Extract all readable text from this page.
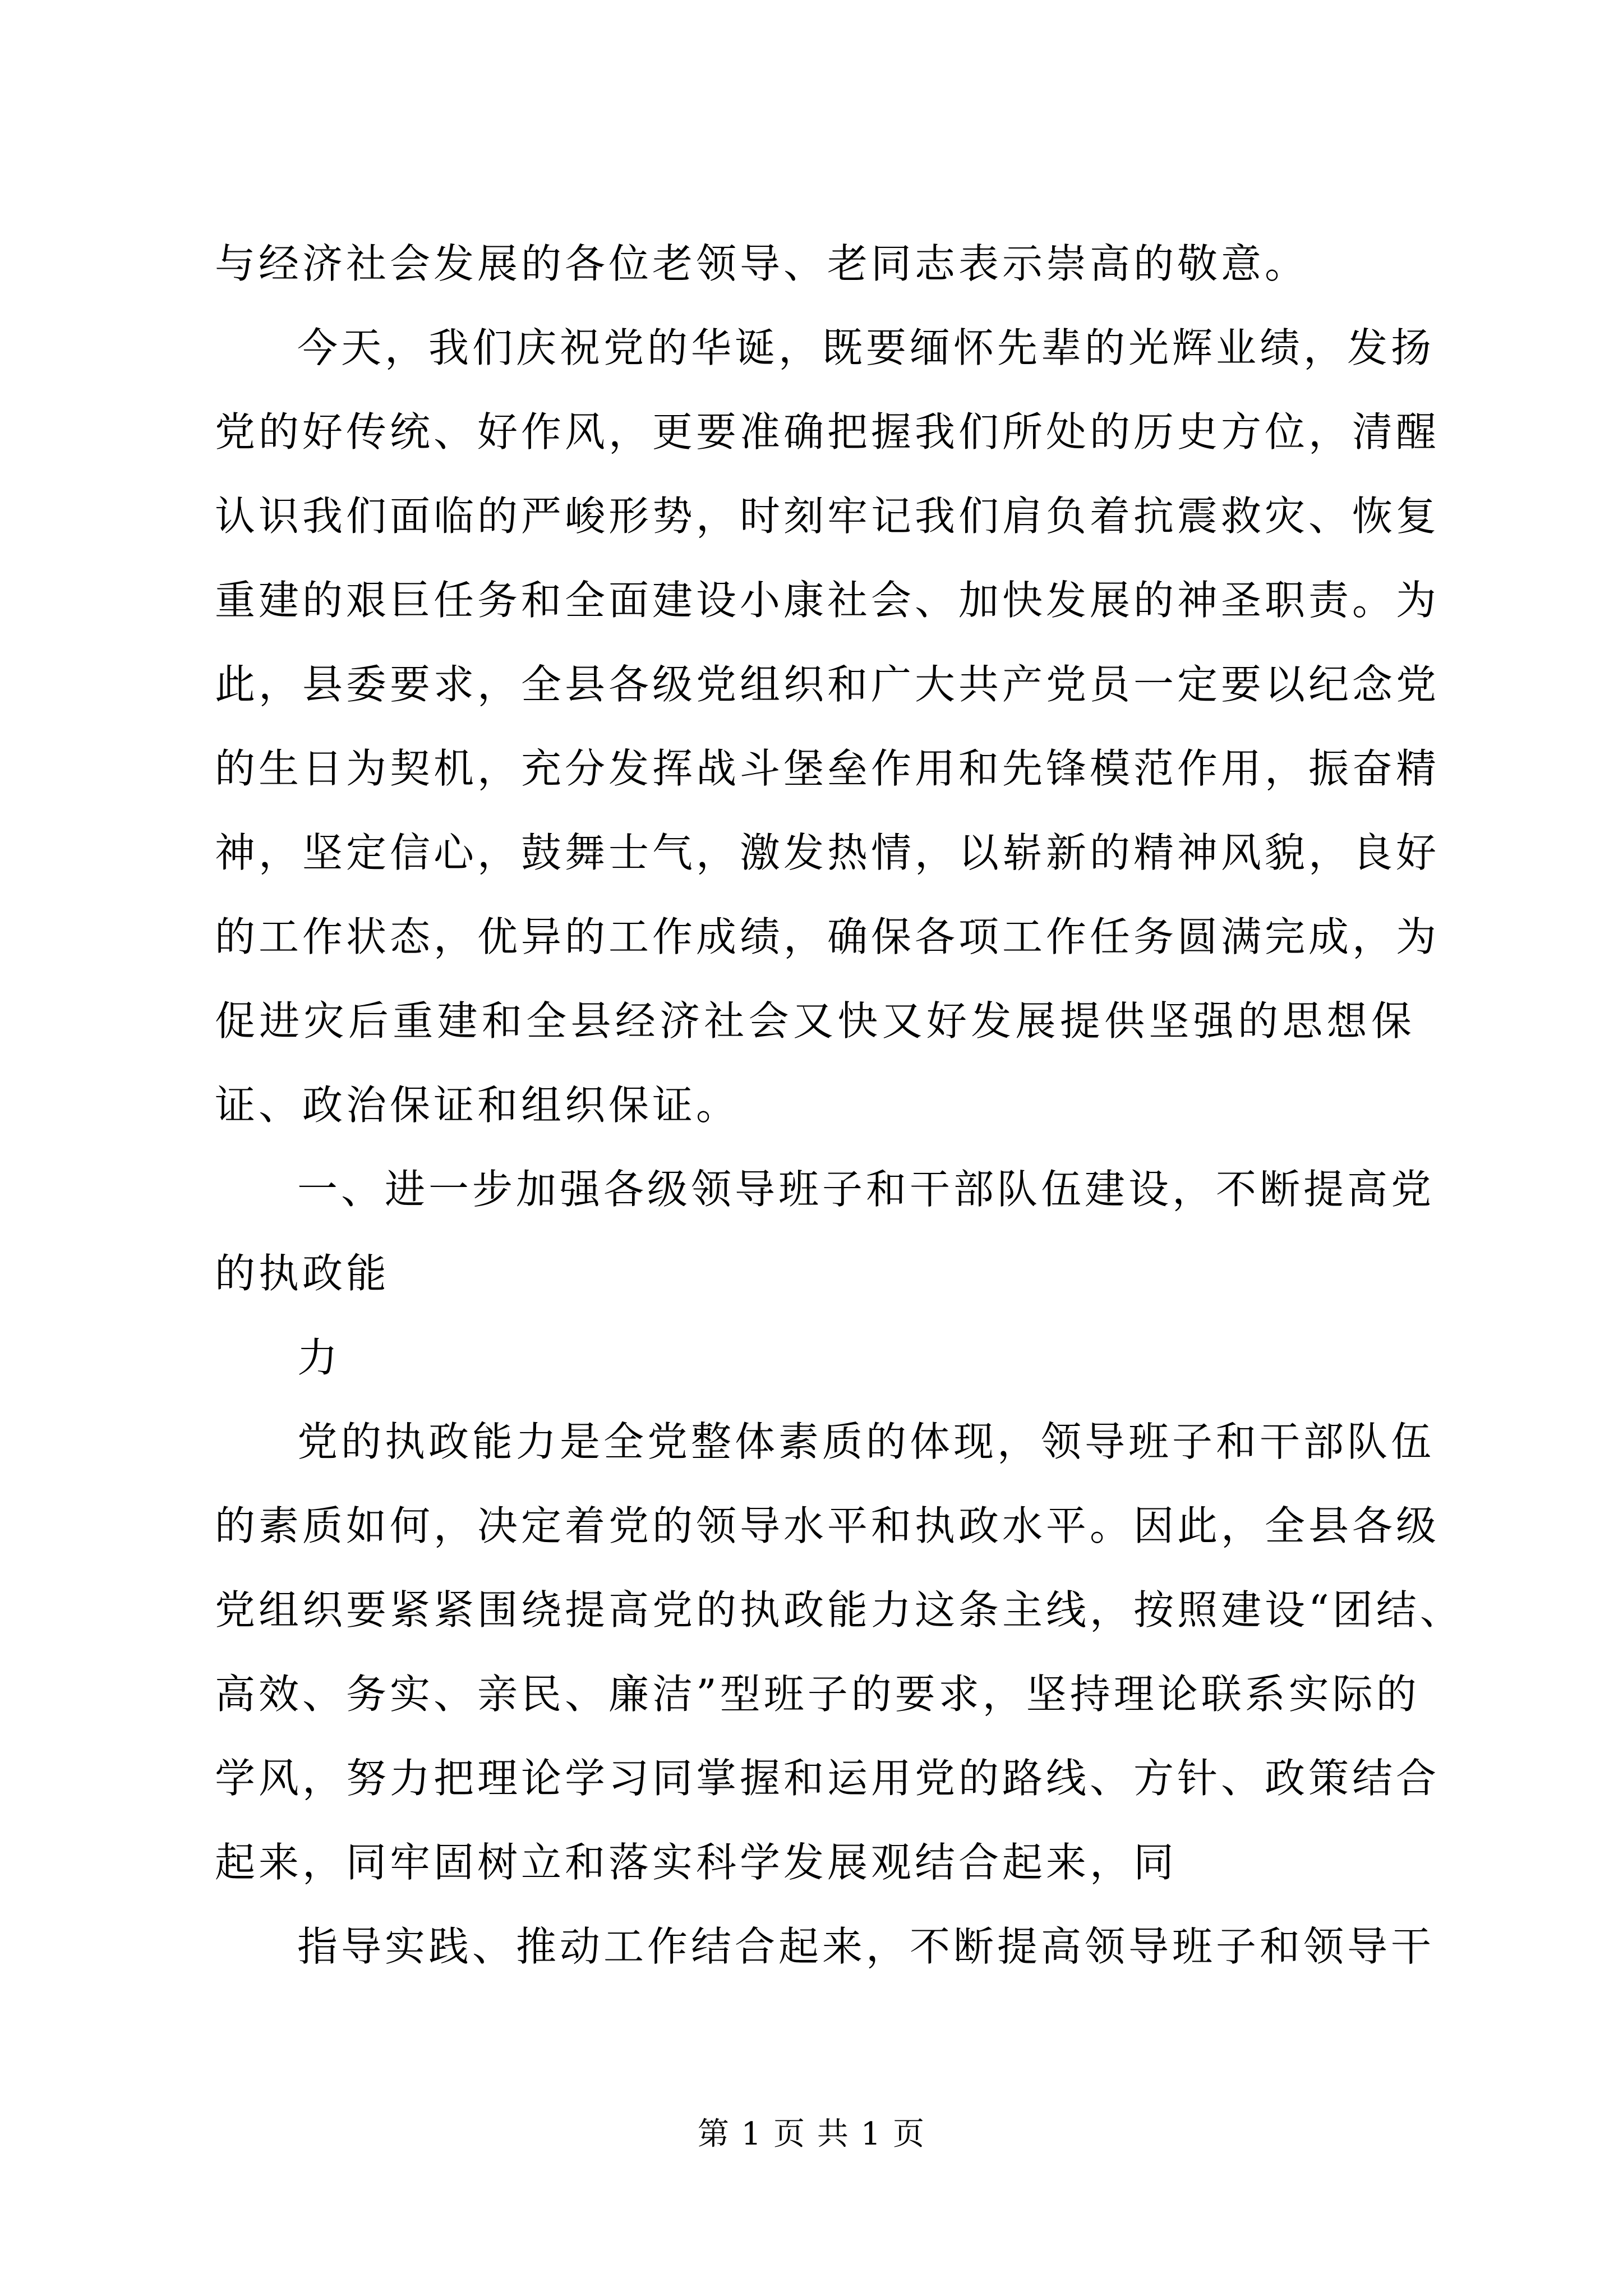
与经济社会发展的各位老领导、老同志表示崇高的敬意。
今天，我们庆祝党的华诞，既要缅怀先辈的光辉业绩，发扬
党的好传统、好作风，更要准确把握我们所处的历史方位，清醒
认识我们面临的严峻形势，时刻牢记我们肩负着抗震救灾、恢复
重建的艰巨任务和全面建设小康社会、加快发展的神圣职责。为
此，县委要求，全县各级党组织和广大共产党员一定要以纪念党
的生日为契机，充分发挥战斗堡垒作用和先锋模范作用，振奋精
神，坚定信心，鼓舞士气，激发热情，以崭新的精神风貌，良好
的工作状态，优异的工作成绩，确保各项工作任务圆满完成，为
促进灾后重建和全县经济社会又快又好发展提供坚强的思想保
证、政治保证和组织保证。
一、进一步加强各级领导班子和干部队伍建设，不断提高党
的执政能
力
党的执政能力是全党整体素质的体现，领导班子和干部队伍
的素质如何，决定着党的领导水平和执政水平。因此，全县各级
党组织要紧紧围绕提高党的执政能力这条主线，按照建设“团结、
高效、务实、亲民、廉洁”型班子的要求，坚持理论联系实际的
学风，努力把理论学习同掌握和运用党的路线、方针、政策结合
起来，同牢固树立和落实科学发展观结合起来，同
指导实践、推动工作结合起来，不断提高领导班子和领导干
第 1 页 共 1 页
